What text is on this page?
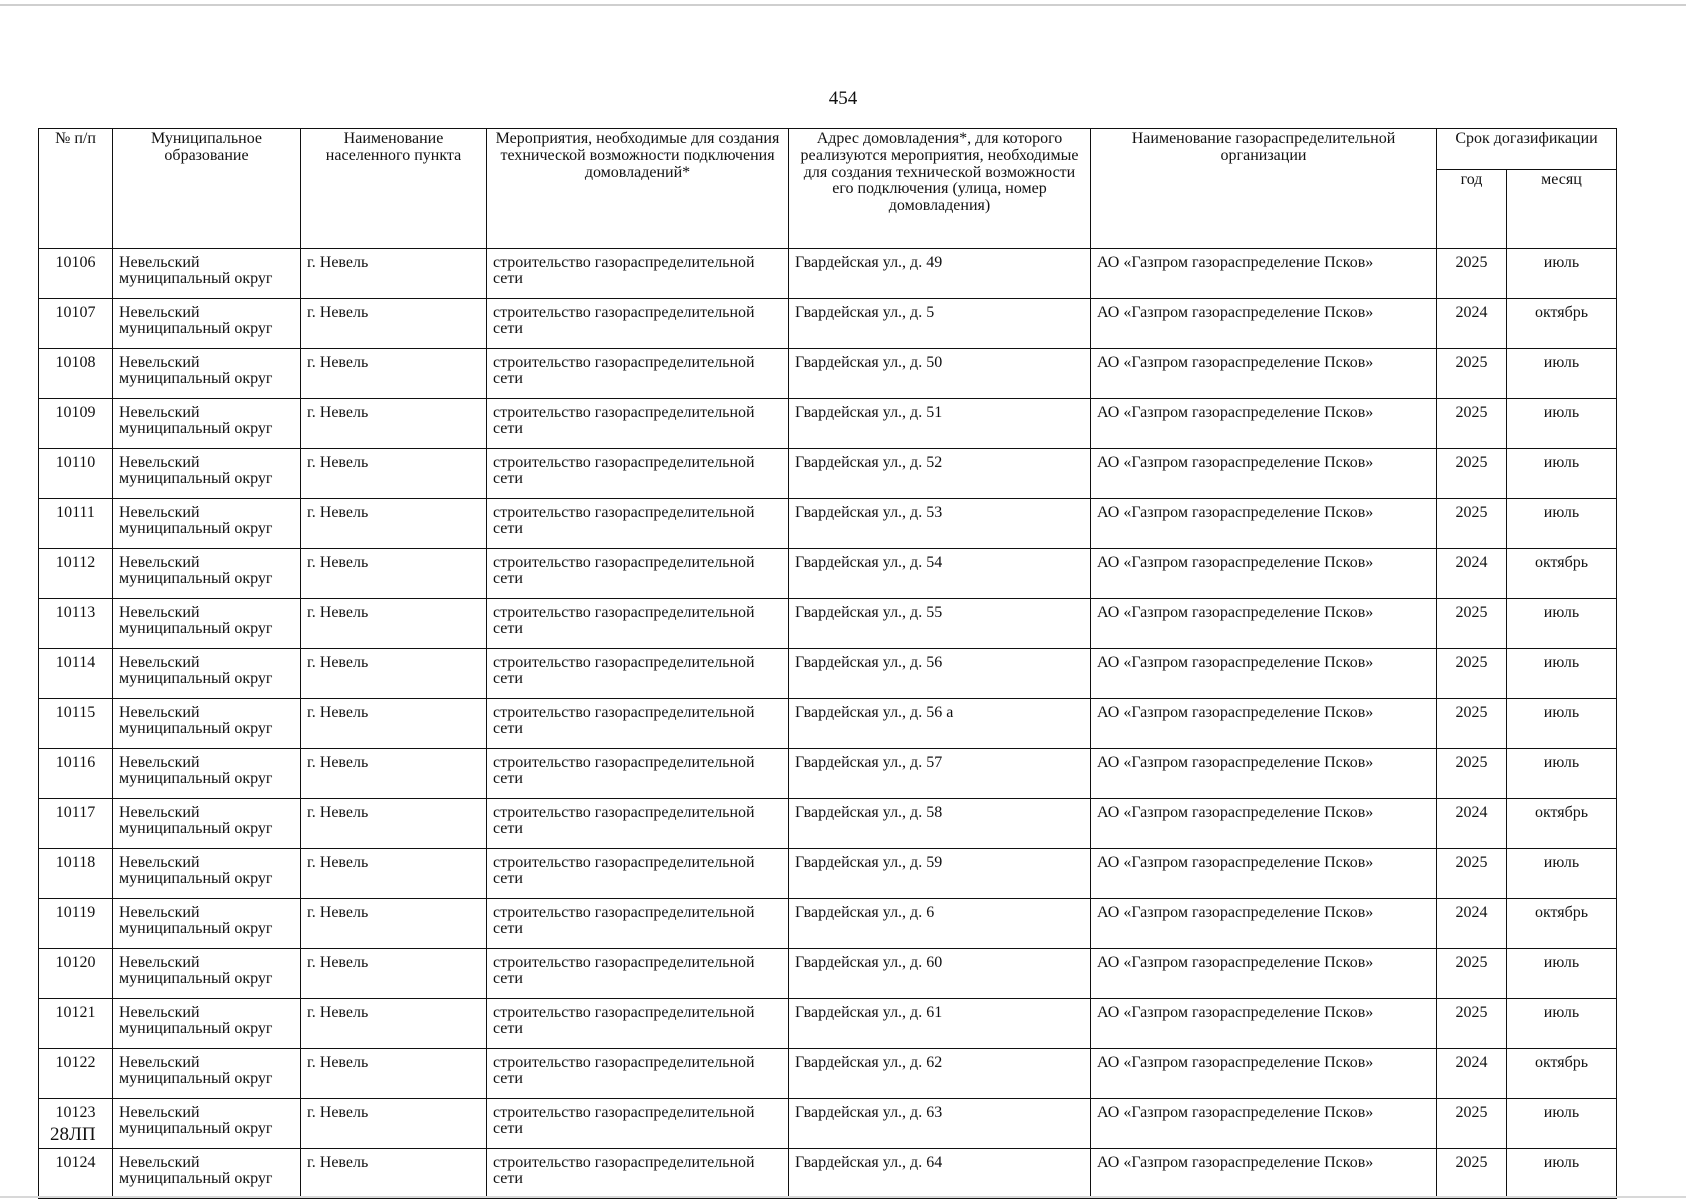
454
№ п/п	Муниципальное образование	Наименование населенного пункта	Мероприятия, необходимые для создания технической возможности подключения домовладений*	Адрес домовладения*, для которого реализуются мероприятия, необходимые для создания технической возможности его подключения (улица, номер домовладения)	Наименование газораспределительной организации	Срок догазификации	
						год	месяц
10106	Невельский муниципальный округ	г. Невель	строительство газораспределительной сети	Гвардейская ул., д. 49	АО «Газпром газораспределение Псков»	2025	июль
10107	Невельский муниципальный округ	г. Невель	строительство газораспределительной сети	Гвардейская ул., д. 5	АО «Газпром газораспределение Псков»	2024	октябрь
10108	Невельский муниципальный округ	г. Невель	строительство газораспределительной сети	Гвардейская ул., д. 50	АО «Газпром газораспределение Псков»	2025	июль
10109	Невельский муниципальный округ	г. Невель	строительство газораспределительной сети	Гвардейская ул., д. 51	АО «Газпром газораспределение Псков»	2025	июль
10110	Невельский муниципальный округ	г. Невель	строительство газораспределительной сети	Гвардейская ул., д. 52	АО «Газпром газораспределение Псков»	2025	июль
10111	Невельский муниципальный округ	г. Невель	строительство газораспределительной сети	Гвардейская ул., д. 53	АО «Газпром газораспределение Псков»	2025	июль
10112	Невельский муниципальный округ	г. Невель	строительство газораспределительной сети	Гвардейская ул., д. 54	АО «Газпром газораспределение Псков»	2024	октябрь
10113	Невельский муниципальный округ	г. Невель	строительство газораспределительной сети	Гвардейская ул., д. 55	АО «Газпром газораспределение Псков»	2025	июль
10114	Невельский муниципальный округ	г. Невель	строительство газораспределительной сети	Гвардейская ул., д. 56	АО «Газпром газораспределение Псков»	2025	июль
10115	Невельский муниципальный округ	г. Невель	строительство газораспределительной сети	Гвардейская ул., д. 56 а	АО «Газпром газораспределение Псков»	2025	июль
10116	Невельский муниципальный округ	г. Невель	строительство газораспределительной сети	Гвардейская ул., д. 57	АО «Газпром газораспределение Псков»	2025	июль
10117	Невельский муниципальный округ	г. Невель	строительство газораспределительной сети	Гвардейская ул., д. 58	АО «Газпром газораспределение Псков»	2024	октябрь
10118	Невельский муниципальный округ	г. Невель	строительство газораспределительной сети	Гвардейская ул., д. 59	АО «Газпром газораспределение Псков»	2025	июль
10119	Невельский муниципальный округ	г. Невель	строительство газораспределительной сети	Гвардейская ул., д. 6	АО «Газпром газораспределение Псков»	2024	октябрь
10120	Невельский муниципальный округ	г. Невель	строительство газораспределительной сети	Гвардейская ул., д. 60	АО «Газпром газораспределение Псков»	2025	июль
10121	Невельский муниципальный округ	г. Невель	строительство газораспределительной сети	Гвардейская ул., д. 61	АО «Газпром газораспределение Псков»	2025	июль
10122	Невельский муниципальный округ	г. Невель	строительство газораспределительной сети	Гвардейская ул., д. 62	АО «Газпром газораспределение Псков»	2024	октябрь
10123	Невельский муниципальный округ	г. Невель	строительство газораспределительной сети	Гвардейская ул., д. 63	АО «Газпром газораспределение Псков»	2025	июль
10124	Невельский муниципальный округ	г. Невель	строительство газораспределительной сети	Гвардейская ул., д. 64	АО «Газпром газораспределение Псков»	2025	июль
28ЛП
